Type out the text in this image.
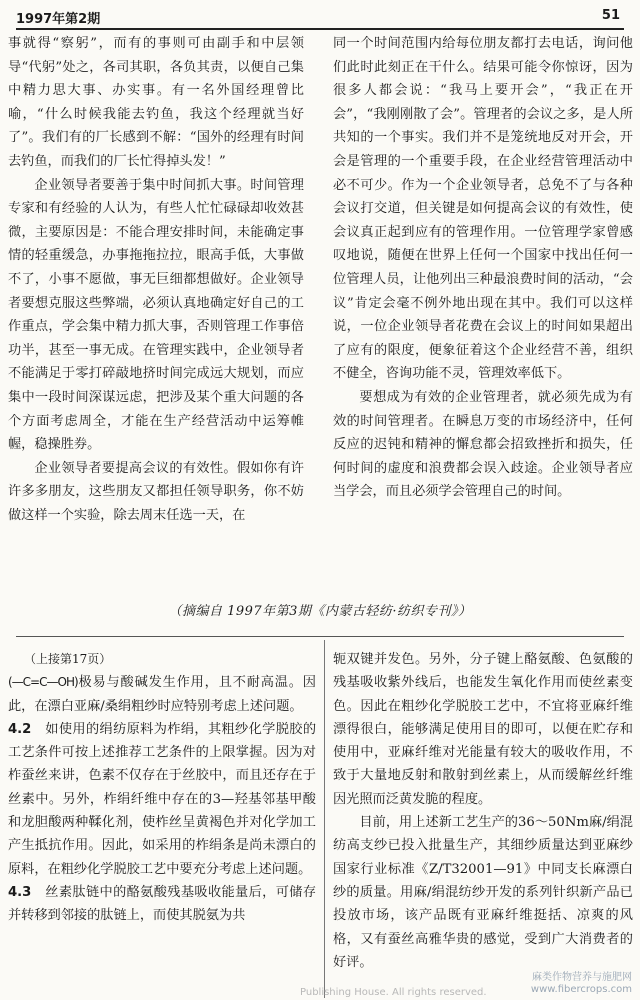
1997年第2期	51

事就得“察躬”，而有的事则可由副手和中层领导“代躬”处之，各司其职，各负其责，以便自己集中精力思大事、办实事。有一名外国经理曾比喻，“什么时候我能去钓鱼，我这个经理就当好了”。我们有的厂长感到不解：“国外的经理有时间去钓鱼，而我们的厂长忙得掉头发！”

企业领导者要善于集中时间抓大事。时间管理专家和有经验的人认为，有些人忙忙碌碌却收效甚微，主要原因是：不能合理安排时间，未能确定事情的轻重缓急，办事拖拖拉拉，眼高手低，大事做不了，小事不愿做，事无巨细都想做好。企业领导者要想克服这些弊端，必须认真地确定好自己的工作重点，学会集中精力抓大事，否则管理工作事倍功半，甚至一事无成。在管理实践中，企业领导者不能满足于零打碎敲地挤时间完成远大规划，而应集中一段时间深谋远虑，把涉及某个重大问题的各个方面考虑周全，才能在生产经营活动中运筹帷幄，稳操胜券。

企业领导者要提高会议的有效性。假如你有许许多多朋友，这些朋友又都担任领导职务，你不妨做这样一个实验，除去周末任选一天，在

同一个时间范围内给每位朋友都打去电话，询问他们此时此刻正在干什么。结果可能令你惊讶，因为很多人都会说：“我马上要开会”，“我正在开会”，“我刚刚散了会”。管理者的会议之多，是人所共知的一个事实。我们并不是笼统地反对开会，开会是管理的一个重要手段，在企业经营管理活动中必不可少。作为一个企业领导者，总免不了与各种会议打交道，但关键是如何提高会议的有效性，使会议真正起到应有的管理作用。一位管理学家曾感叹地说，随便在世界上任何一个国家中找出任何一位管理人员，让他列出三种最浪费时间的活动，“会议”肯定会毫不例外地出现在其中。我们可以这样说，一位企业领导者花费在会议上的时间如果超出了应有的限度，便象征着这个企业经营不善，组织不健全，咨询功能不灵，管理效率低下。

要想成为有效的企业管理者，就必须先成为有效的时间管理者。在瞬息万变的市场经济中，任何反应的迟钝和精神的懈怠都会招致挫折和损失，任何时间的虚度和浪费都会误入歧途。企业领导者应当学会，而且必须学会管理自己的时间。

（摘编自 1997年第3期《内蒙古轻纺·纺织专刊》）
（上接第17页）

(—C=C—OH)极易与酸碱发生作用，且不耐高温。因此，在漂白亚麻/桑绢粗纱时应特别考虑上述问题。

4.2　 如使用的绢纺原料为柞绢，其粗纱化学脱胶的工艺条件可按上述推荐工艺条件的上限掌握。因为对柞蚕丝来讲，色素不仅存在于丝胶中，而且还存在于丝素中。另外，柞绢纤维中存在的3—羟基邻基甲酸和龙胆酸两种鞣化剂，使柞丝呈黄褐色并对化学加工产生抵抗作用。因此，如采用的柞绢条是尚未漂白的原料，在粗纱化学脱胶工艺中要充分考虑上述问题。

4.3　 丝素肽链中的酪氨酸残基吸收能量后，可储存并转移到邻接的肽链上，而使其脱氨为共

轭双键并发色。另外，分子键上酪氨酸、色氨酸的残基吸收紫外线后，也能发生氧化作用而使丝素变色。因此在粗纱化学脱胶工艺中，不宜将亚麻纤维漂得很白，能够满足使用目的即可，以便在贮存和使用中，亚麻纤维对光能量有较大的吸收作用，不致于大量地反射和散射到丝素上，从而缓解丝纤维因光照而泛黄发脆的程度。

目前，用上述新工艺生产的36～50Nm麻/绢混纺高支纱已投入批量生产，其细纱质量达到亚麻纱国家行业标准《Z/T32001—91》中同支长麻漂白纱的质量。用麻/绢混纺纱开发的系列针织新产品已投放市场，该产品既有亚麻纤维挺括、凉爽的风格，又有蚕丝高雅华贵的感觉，受到广大消费者的好评。

Publishing House. All rights reserved.
麻类作物营养与施肥网
www.fibercrops.com
